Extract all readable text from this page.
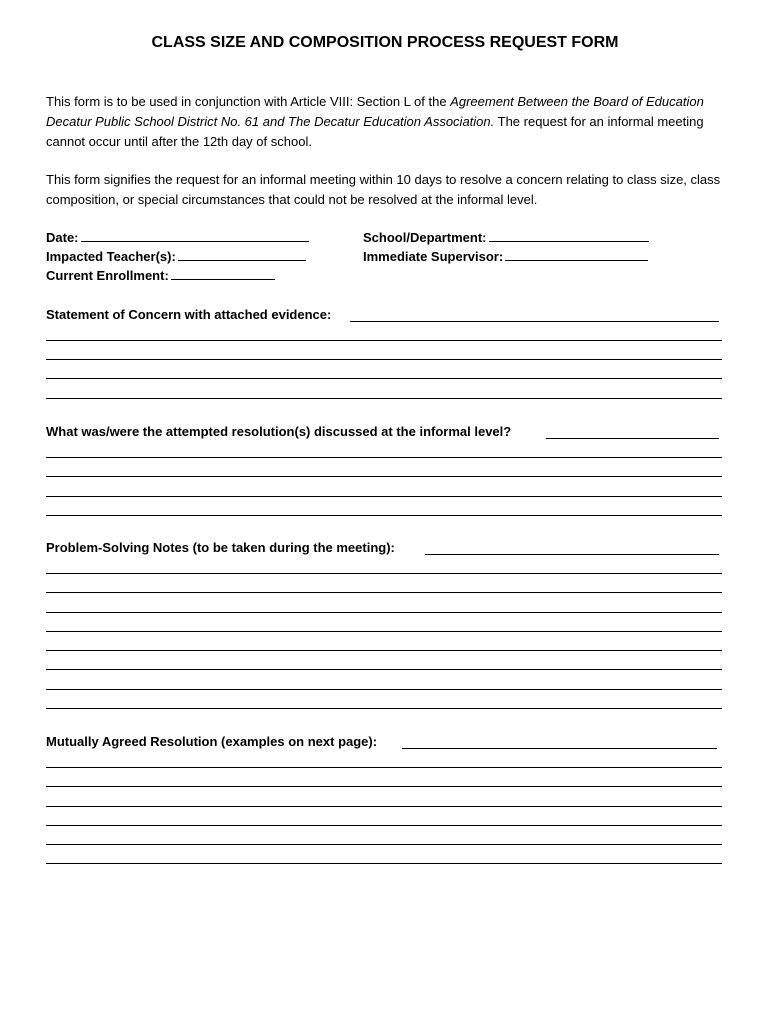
CLASS SIZE AND COMPOSITION PROCESS REQUEST FORM

This form is to be used in conjunction with Article VIII: Section L of the Agreement Between the Board of Education Decatur Public School District No. 61 and The Decatur Education Association. The request for an informal meeting cannot occur until after the 12th day of school.

This form signifies the request for an informal meeting within 10 days to resolve a concern relating to class size, class composition, or special circumstances that could not be resolved at the informal level.

Date:	School/Department:
Impacted Teacher(s):	Immediate Supervisor:
Current Enrollment:
Statement of Concern with attached evidence:
What was/were the attempted resolution(s) discussed at the informal level?
Problem-Solving Notes (to be taken during the meeting):
Mutually Agreed Resolution (examples on next page):
